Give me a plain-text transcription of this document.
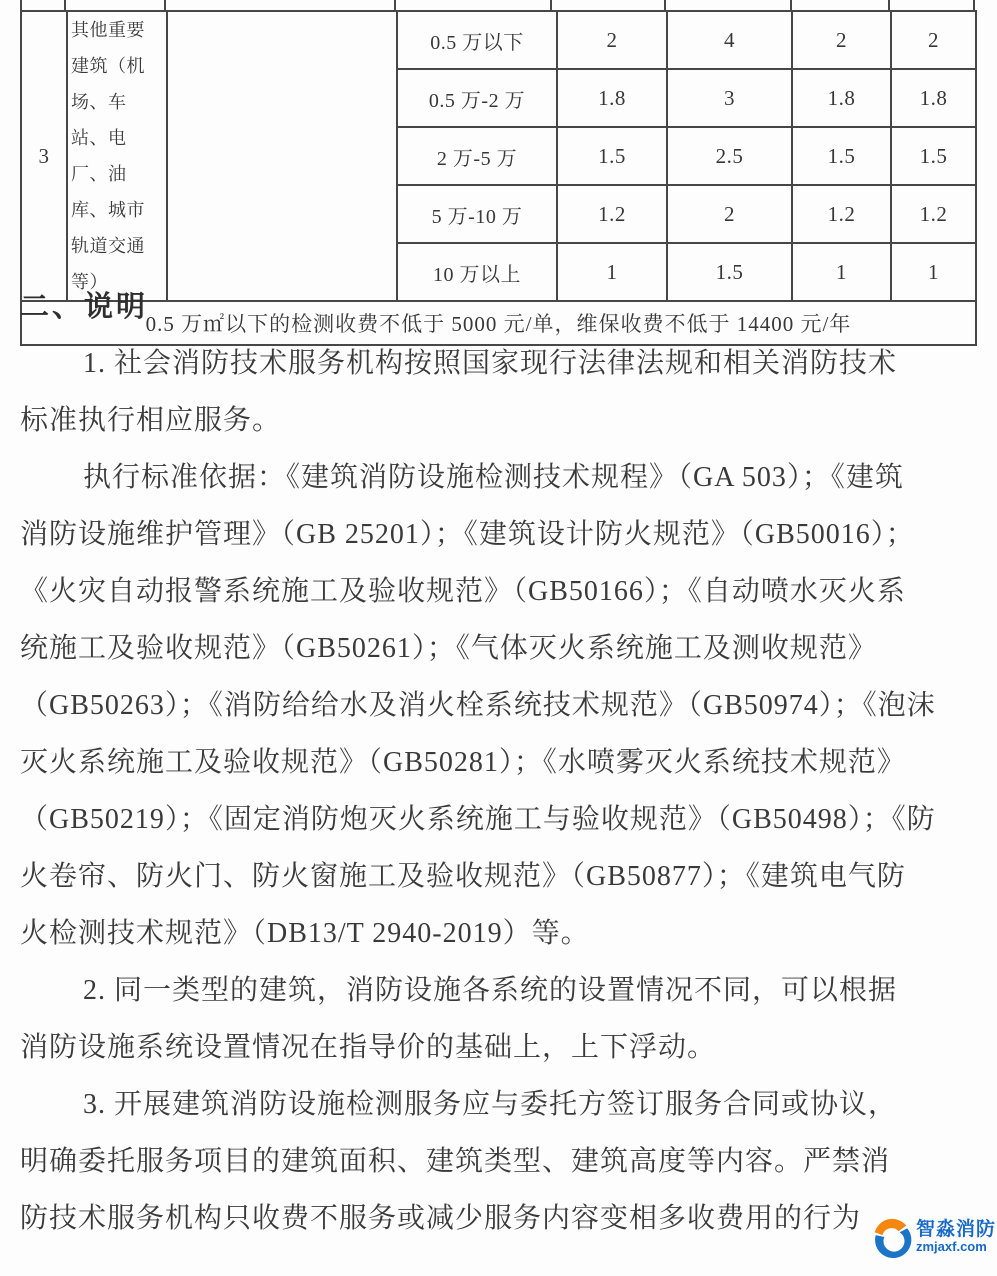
3	其他重要建筑（机场、车站、电厂、油库、城市轨道交通等）		0.5 万以下	2	4	2	2
			0.5 万-2 万	1.8	3	1.8	1.8
			2 万-5 万	1.5	2.5	1.5	1.5
			5 万-10 万	1.2	2	1.2	1.2
			10 万以上	1	1.5	1	1
0.5 万㎡以下的检测收费不低于 5000 元/单，维保收费不低于 14400 元/年							
二、说明
1. 社会消防技术服务机构按照国家现行法律法规和相关消防技术
标准执行相应服务。
执行标准依据：《建筑消防设施检测技术规程》（GA 503）；《建筑
消防设施维护管理》（GB 25201）；《建筑设计防火规范》（GB50016）；
《火灾自动报警系统施工及验收规范》（GB50166）；《自动喷水灭火系
统施工及验收规范》（GB50261）；《气体灭火系统施工及测收规范》
（GB50263）；《消防给给水及消火栓系统技术规范》（GB50974）；《泡沫
灭火系统施工及验收规范》（GB50281）；《水喷雾灭火系统技术规范》
（GB50219）；《固定消防炮灭火系统施工与验收规范》（GB50498）；《防
火卷帘、防火门、防火窗施工及验收规范》（GB50877）；《建筑电气防
火检测技术规范》（DB13/T 2940-2019）等。
2. 同一类型的建筑，消防设施各系统的设置情况不同，可以根据
消防设施系统设置情况在指导价的基础上，上下浮动。
3. 开展建筑消防设施检测服务应与委托方签订服务合同或协议，
明确委托服务项目的建筑面积、建筑类型、建筑高度等内容。严禁消
防技术服务机构只收费不服务或减少服务内容变相多收费用的行为	智淼消防
zmjaxf.com
